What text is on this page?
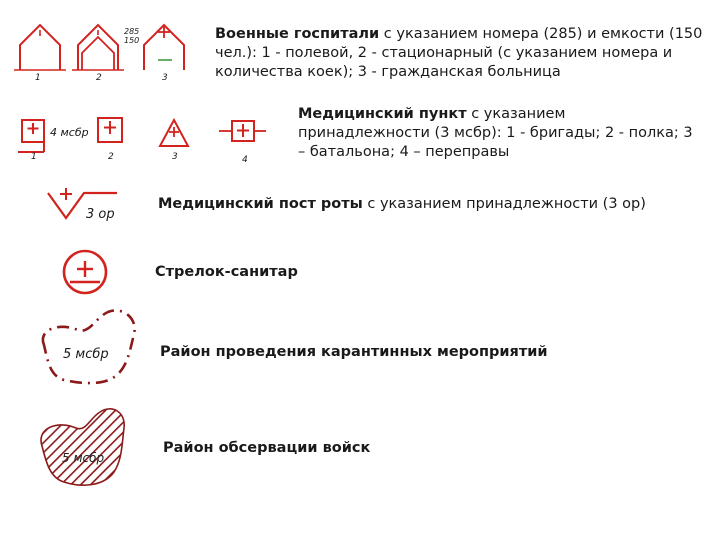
1	2	3
285
150	Военные госпитали с указанием номера (285) и емкости (150 чел.): 1 - полевой, 2 - стационарный (с указанием номера и количества коек); 3 - гражданская больница
4 мсбр
1	2	3	4
Медицинский пункт с указанием принадлежности (3 мсбр): 1 - бригады; 2 - полка; 3 – батальона; 4 – переправы
3 ор
Медицинский пост роты с указанием принадлежности (3 ор)
Стрелок-санитар
5 мсбр	Район проведения карантинных мероприятий
5 мсбр
Район обсервации войск
